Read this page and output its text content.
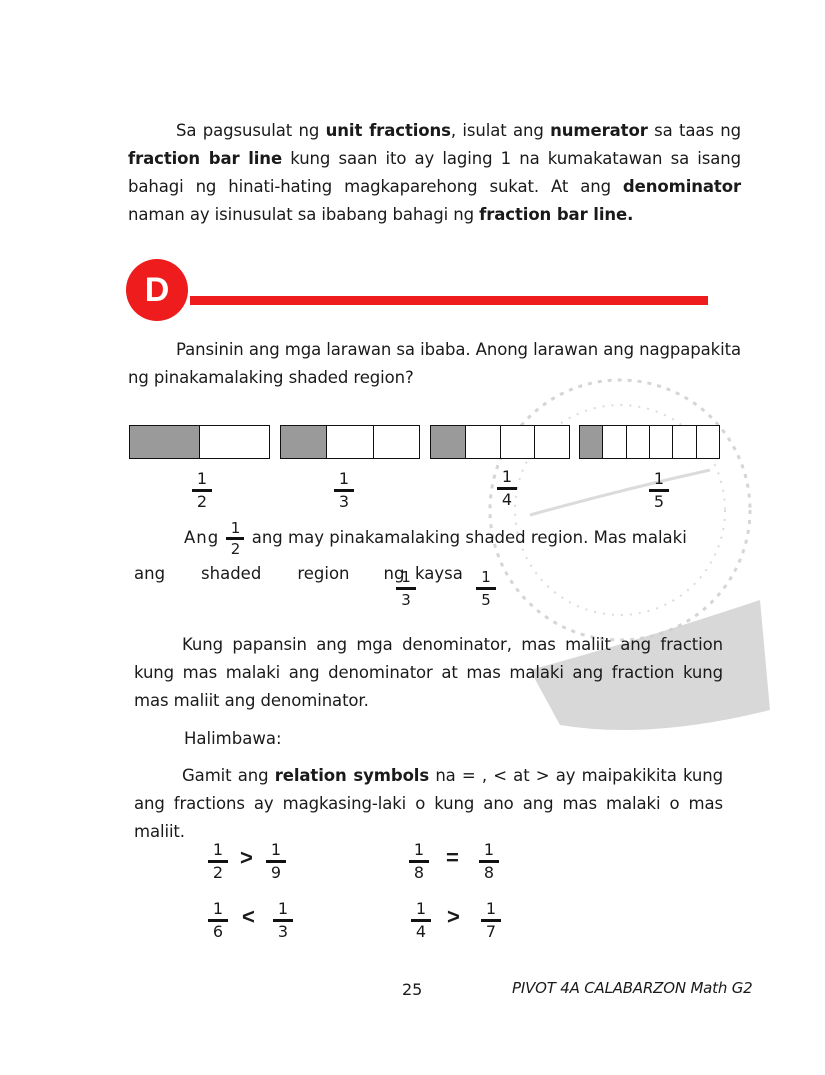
Sa pagsusulat ng unit fractions, isulat ang numerator sa taas ng fraction bar line kung saan ito ay laging 1 na kumakatawan sa isang bahagi ng hinati-hating magkaparehong sukat. At ang denominator naman ay isinusulat sa ibabang bahagi ng fraction bar line.

D

Pansinin ang mga larawan sa ibaba. Anong larawan ang nagpapakita ng pinakamalaking shaded region?

1
2
1
3
1
4
1
5
Ang $\frac{1}{2}$ ang may pinakamalaking shaded region. Mas malaki
ang shaded region ng
1
3
kaysa 1
5

Kung papansin ang mga denominator, mas maliit ang fraction kung mas malaki ang denominator at mas malaki ang fraction kung mas maliit ang denominator.

Halimbawa:

Gamit ang relation symbols na = , < at > ay maipakikita kung ang fractions ay magkasing-laki o kung ano ang mas malaki o mas maliit.

1
2
> 1
9
1
8
= 1
8
1
6
< 1
3
1
4
> 1
7
25	PIVOT 4A CALABARZON Math G2
